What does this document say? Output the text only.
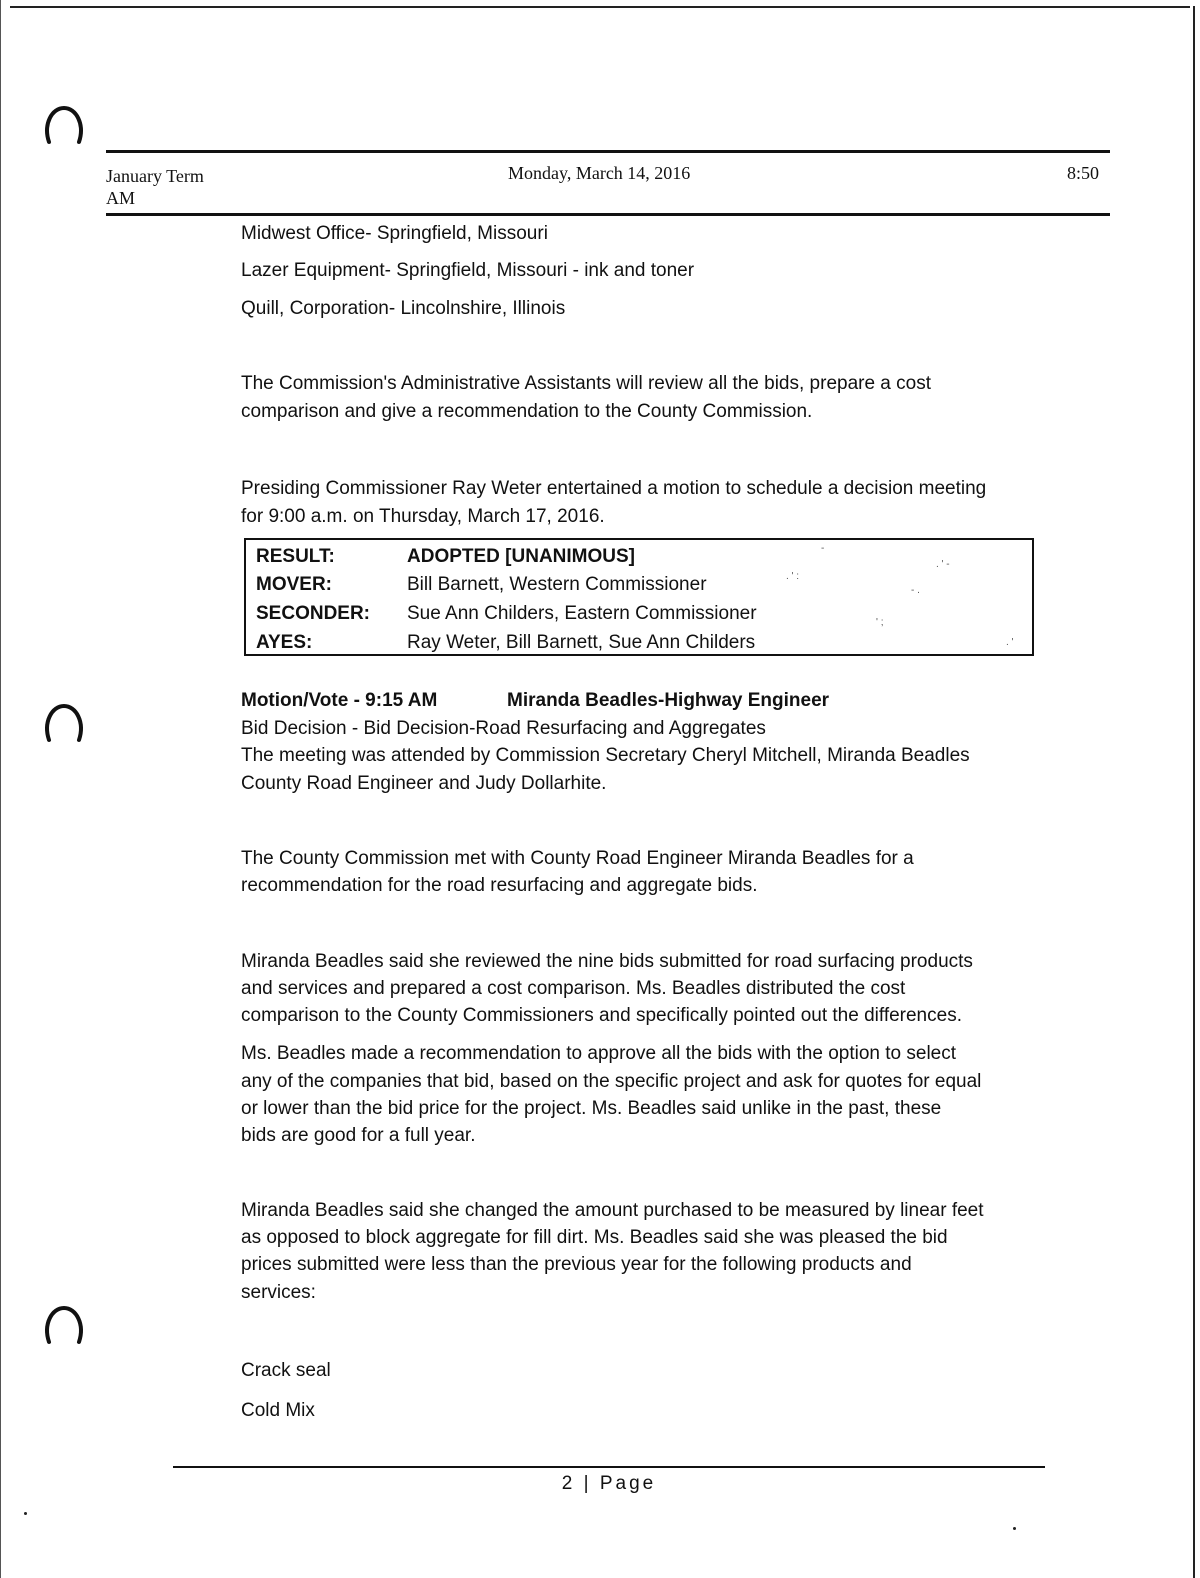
January Term
AM
Monday, March 14, 2016	8:50
Midwest Office- Springfield, Missouri
Lazer Equipment- Springfield, Missouri - ink and toner
Quill, Corporation- Lincolnshire, Illinois
The Commission's Administrative Assistants will review all the bids, prepare a cost
comparison and give a recommendation to the County Commission.
Presiding Commissioner Ray Weter entertained a motion to schedule a decision meeting
for 9:00 a.m. on Thursday, March 17, 2016.
RESULT:	ADOPTED [UNANIMOUS]
MOVER:	Bill Barnett, Western Commissioner
SECONDER: Sue Ann Childers, Eastern Commissioner
AYES:	Ray Weter, Bill Barnett, Sue Ann Childers
-
. ' -
. ' :
- .
' ;
. '
Motion/Vote - 9:15 AM	Miranda Beadles-Highway Engineer
Bid Decision - Bid Decision-Road Resurfacing and Aggregates
The meeting was attended by Commission Secretary Cheryl Mitchell, Miranda Beadles
County Road Engineer and Judy Dollarhite.
The County Commission met with County Road Engineer Miranda Beadles for a
recommendation for the road resurfacing and aggregate bids.
Miranda Beadles said she reviewed the nine bids submitted for road surfacing products
and services and prepared a cost comparison. Ms. Beadles distributed the cost
comparison to the County Commissioners and specifically pointed out the differences.
Ms. Beadles made a recommendation to approve all the bids with the option to select
any of the companies that bid, based on the specific project and ask for quotes for equal
or lower than the bid price for the project. Ms. Beadles said unlike in the past, these
bids are good for a full year.
Miranda Beadles said she changed the amount purchased to be measured by linear feet
as opposed to block aggregate for fill dirt. Ms. Beadles said she was pleased the bid
prices submitted were less than the previous year for the following products and
services:
Crack seal
Cold Mix
2 | Page
